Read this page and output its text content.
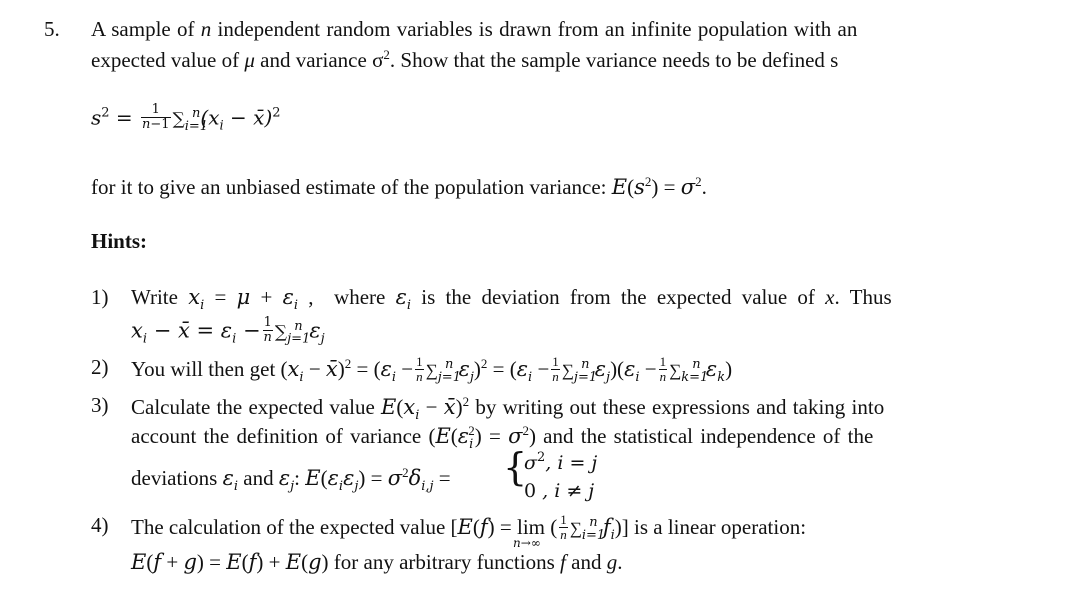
5. A sample of n independent random variables is drawn from an infinite population with an
expected value of μ and variance $\sigma^2$. Show that the sample variance needs to be defined s
$s^2 = \frac{1}{n-1} \sum_{i=1}^n(x_i$ − x̄)$^2$
for it to give an unbiased estimate of the population variance: $E(s^2) = \sigma^2$.
Hints:
1) Write $x_i = \mu + \varepsilon_i$ ,  where $\varepsilon_i$ is the deviation from the expected value of x. Thus
$x_i$ − x̄ = $\varepsilon_i - \frac{1}{n} \sum_{j=1}^n$ $\varepsilon_j$
2) You will then get ($x_i$ − x̄)$^2$ = ($\varepsilon_i - \frac{1}{n} \sum_{j=1}^n$ $\varepsilon_j)^2 = (\varepsilon_i - \frac{1}{n} \sum_{j=1}^n$ $\varepsilon_j)(\varepsilon_i - \frac{1}{n} \sum_{k=1}^n$ $\varepsilon_k$)
3) Calculate the expected value $E(x_i$ − x̄)$^2$ by writing out these expressions and taking into
account the definition of variance $(E(\varepsilon_i^2) = \sigma^2)$ and the statistical independence of the
deviations $\varepsilon_i$ and $\varepsilon_j$: $E(\varepsilon_i\varepsilon_j) = \sigma^2\delta_{i,j}$ = {
$\sigma^2$, i = j
0 , i ≠ j
4) The calculation of the expected value [E(f) = lim
n→∞
( $\frac{1}{n} \sum_{i=1}^n$ $f_i$)] is a linear operation:
E(f + g) = E(f) + E(g) for any arbitrary functions f and g.
